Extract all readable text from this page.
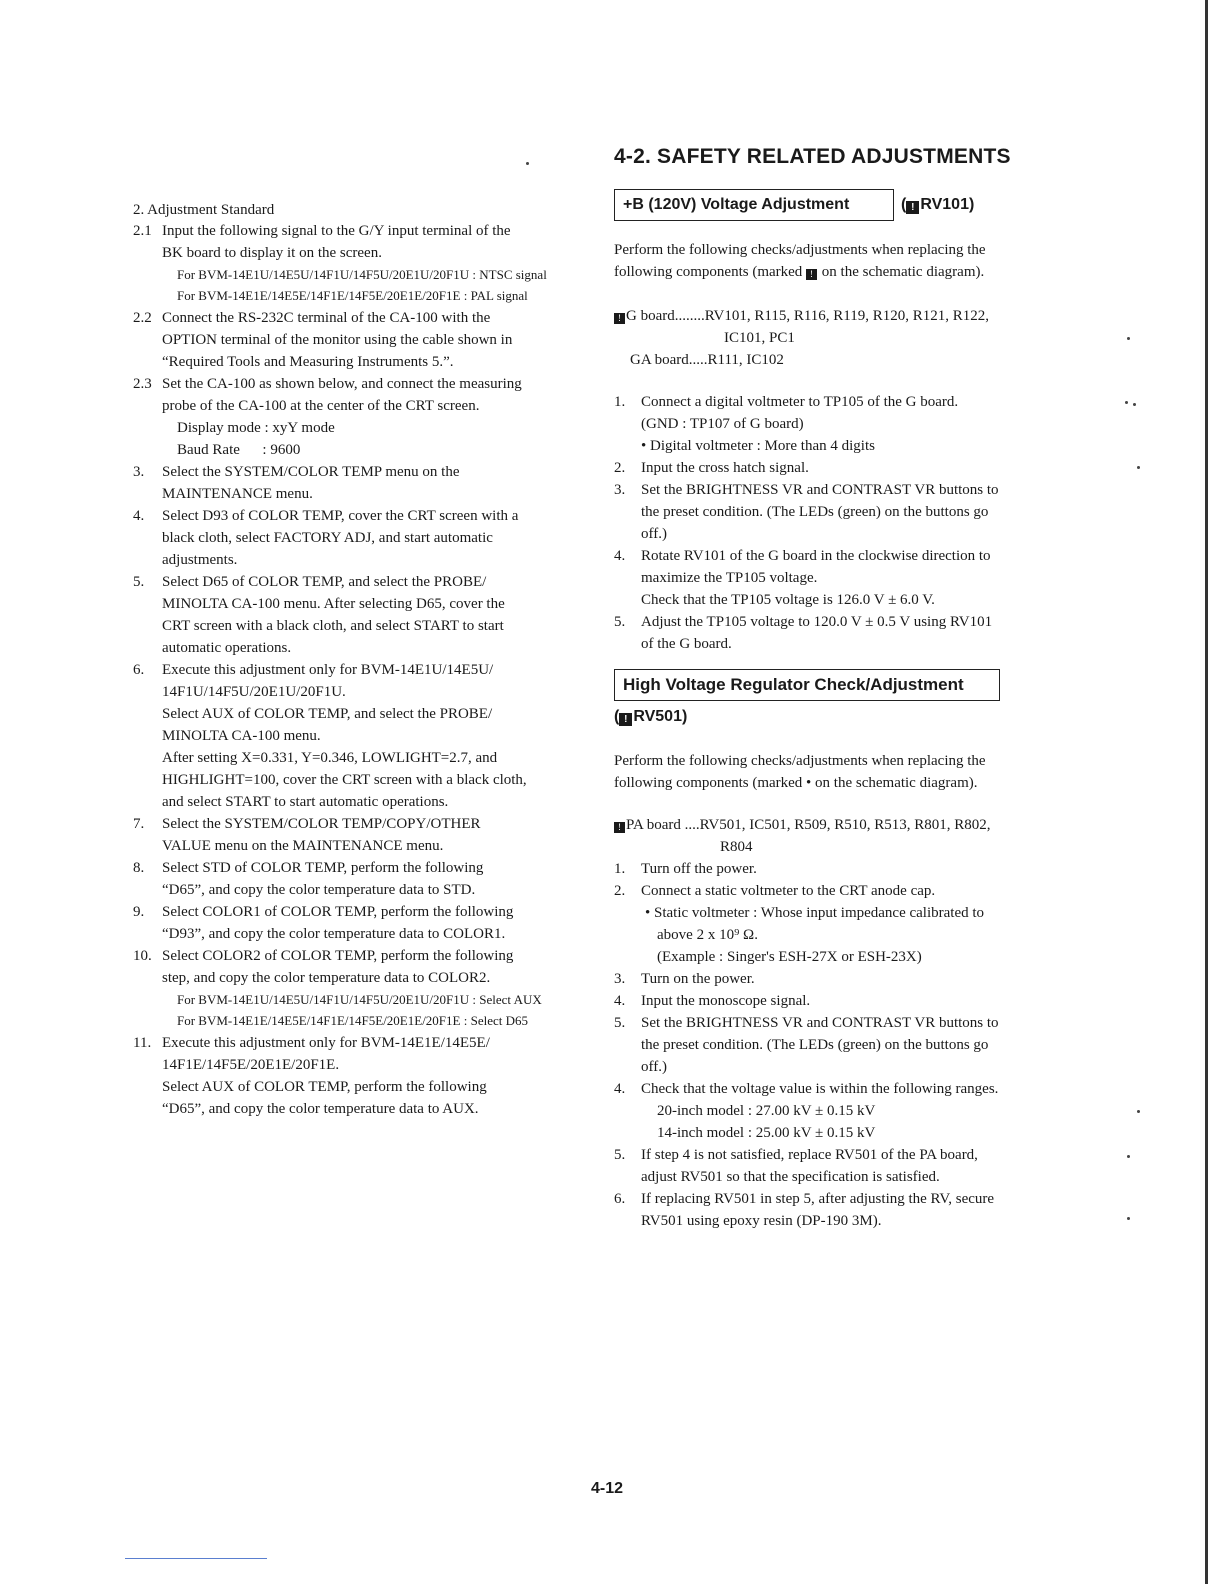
2. Adjustment Standard
2.1 Input the following signal to the G/Y input terminal of the
BK board to display it on the screen.
For BVM-14E1U/14E5U/14F1U/14F5U/20E1U/20F1U : NTSC signal
For BVM-14E1E/14E5E/14F1E/14F5E/20E1E/20F1E : PAL signal
2.2 Connect the RS-232C terminal of the CA-100 with the
OPTION terminal of the monitor using the cable shown in
“Required Tools and Measuring Instruments 5.”.
2.3 Set the CA-100 as shown below, and connect the measuring
probe of the CA-100 at the center of the CRT screen.
Display mode : xyY mode
Baud Rate      : 9600
3. Select the SYSTEM/COLOR TEMP menu on the
MAINTENANCE menu.
4. Select D93 of COLOR TEMP, cover the CRT screen with a
black cloth, select FACTORY ADJ, and start automatic
adjustments.
5. Select D65 of COLOR TEMP, and select the PROBE/
MINOLTA CA-100 menu. After selecting D65, cover the
CRT screen with a black cloth, and select START to start
automatic operations.
6. Execute this adjustment only for BVM-14E1U/14E5U/
14F1U/14F5U/20E1U/20F1U.
Select AUX of COLOR TEMP, and select the PROBE/
MINOLTA CA-100 menu.
After setting X=0.331, Y=0.346, LOWLIGHT=2.7, and
HIGHLIGHT=100, cover the CRT screen with a black cloth,
and select START to start automatic operations.
7. Select the SYSTEM/COLOR TEMP/COPY/OTHER
VALUE menu on the MAINTENANCE menu.
8. Select STD of COLOR TEMP, perform the following
“D65”, and copy the color temperature data to STD.
9. Select COLOR1 of COLOR TEMP, perform the following
“D93”, and copy the color temperature data to COLOR1.
10. Select COLOR2 of COLOR TEMP, perform the following
step, and copy the color temperature data to COLOR2.
For BVM-14E1U/14E5U/14F1U/14F5U/20E1U/20F1U : Select AUX
For BVM-14E1E/14E5E/14F1E/14F5E/20E1E/20F1E : Select D65
11. Execute this adjustment only for BVM-14E1E/14E5E/
14F1E/14F5E/20E1E/20F1E.
Select AUX of COLOR TEMP, perform the following
“D65”, and copy the color temperature data to AUX.
4-2. SAFETY RELATED ADJUSTMENTS
+B (120V) Voltage Adjustment	( ! RV101)
Perform the following checks/adjustments when replacing the
following components (marked ! on the schematic diagram).
! G board........RV101, R115, R116, R119, R120, R121, R122,
IC101, PC1
GA board.....R111, IC102
1. Connect a digital voltmeter to TP105 of the G board.
(GND : TP107 of G board)
• Digital voltmeter : More than 4 digits
2. Input the cross hatch signal.
3. Set the BRIGHTNESS VR and CONTRAST VR buttons to
the preset condition. (The LEDs (green) on the buttons go
off.)
4. Rotate RV101 of the G board in the clockwise direction to
maximize the TP105 voltage.
Check that the TP105 voltage is 126.0 V ± 6.0 V.
5. Adjust the TP105 voltage to 120.0 V ± 0.5 V using RV101
of the G board.
High Voltage Regulator Check/Adjustment
( ! RV501)
Perform the following checks/adjustments when replacing the
following components (marked • on the schematic diagram).
! PA board ....RV501, IC501, R509, R510, R513, R801, R802,
R804
1. Turn off the power.
2. Connect a static voltmeter to the CRT anode cap.
• Static voltmeter : Whose input impedance calibrated to
above 2 x 10⁹ Ω.
(Example : Singer's ESH-27X or ESH-23X)
3. Turn on the power.
4. Input the monoscope signal.
5. Set the BRIGHTNESS VR and CONTRAST VR buttons to
the preset condition. (The LEDs (green) on the buttons go
off.)
4. Check that the voltage value is within the following ranges.
20-inch model : 27.00 kV ± 0.15 kV
14-inch model : 25.00 kV ± 0.15 kV
5. If step 4 is not satisfied, replace RV501 of the PA board,
adjust RV501 so that the specification is satisfied.
6. If replacing RV501 in step 5, after adjusting the RV, secure
RV501 using epoxy resin (DP-190 3M).
4-12
